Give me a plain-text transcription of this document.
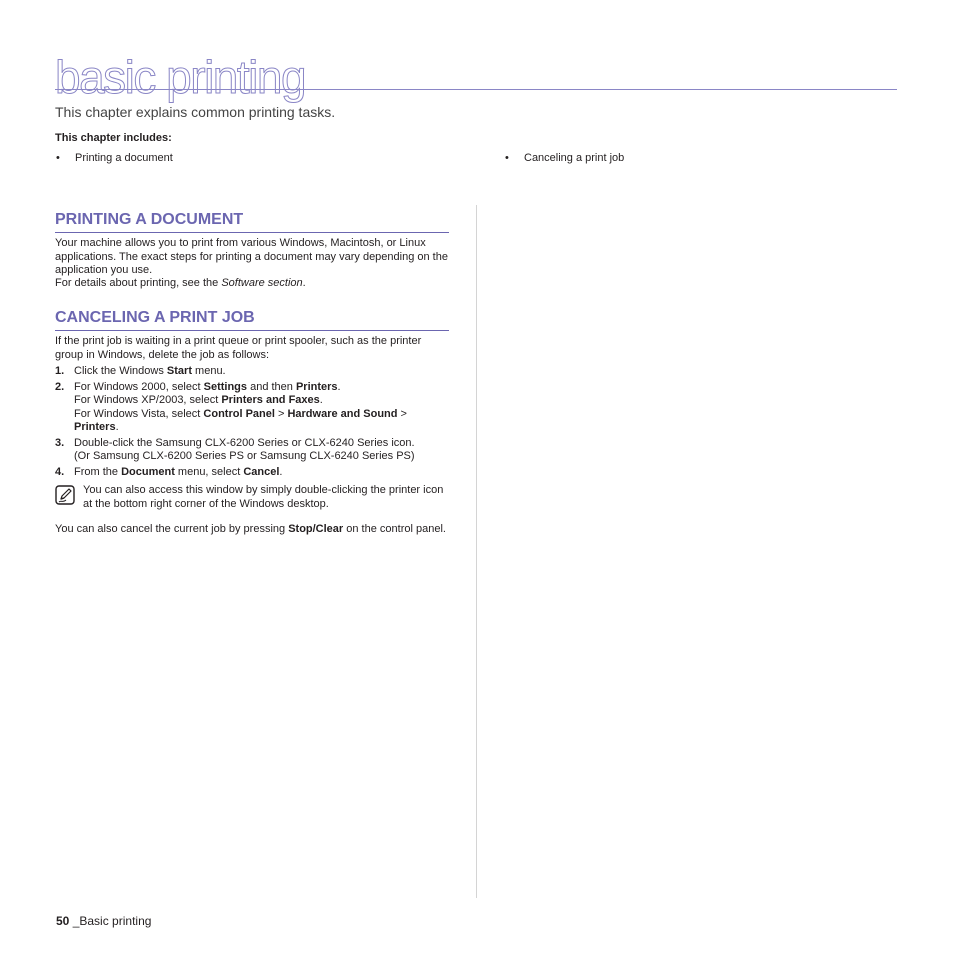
basic printing
This chapter explains common printing tasks.
This chapter includes:
• Printing a document	• Canceling a print job
PRINTING A DOCUMENT

Your machine allows you to print from various Windows, Macintosh, or Linux applications. The exact steps for printing a document may vary depending on the application you use.

For details about printing, see the Software section.

CANCELING A PRINT JOB

If the print job is waiting in a print queue or print spooler, such as the printer group in Windows, delete the job as follows:

1. Click the Windows Start menu.
2. For Windows 2000, select Settings and then Printers.
For Windows XP/2003, select Printers and Faxes.
For Windows Vista, select Control Panel > Hardware and Sound >
Printers.
3. Double-click the Samsung CLX-6200 Series or CLX-6240 Series icon.
(Or Samsung CLX-6200 Series PS or Samsung CLX-6240 Series PS)
4. From the Document menu, select Cancel.
You can also access this window by simply double-clicking the printer icon at the bottom right corner of the Windows desktop.

You can also cancel the current job by pressing Stop/Clear on the control panel.

50 _Basic printing
